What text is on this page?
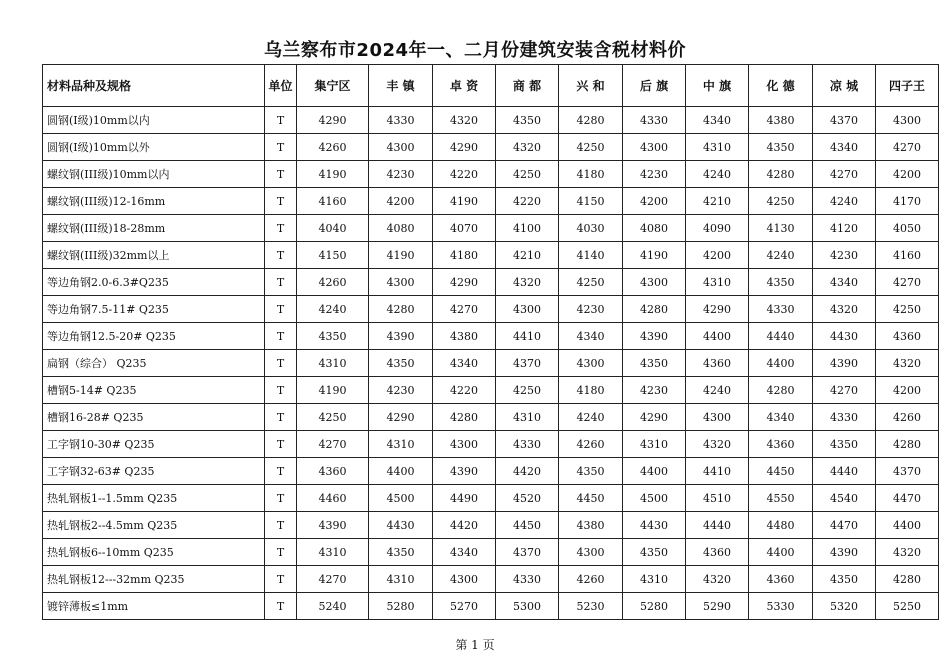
乌兰察布市2024年一、二月份建筑安装含税材料价
材料品种及规格	单位	集宁区	丰 镇	卓 资	商 都	兴 和	后 旗	中 旗	化 德	凉 城	四子王
圆钢(Ⅰ级)10mm以内	T	4290	4330	4320	4350	4280	4330	4340	4380	4370	4300
圆钢(Ⅰ级)10mm以外	T	4260	4300	4290	4320	4250	4300	4310	4350	4340	4270
螺纹钢(III级)10mm以内	T	4190	4230	4220	4250	4180	4230	4240	4280	4270	4200
螺纹钢(III级)12-16mm	T	4160	4200	4190	4220	4150	4200	4210	4250	4240	4170
螺纹钢(III级)18-28mm	T	4040	4080	4070	4100	4030	4080	4090	4130	4120	4050
螺纹钢(III级)32mm以上	T	4150	4190	4180	4210	4140	4190	4200	4240	4230	4160
等边角钢2.0-6.3#Q235	T	4260	4300	4290	4320	4250	4300	4310	4350	4340	4270
等边角钢7.5-11# Q235	T	4240	4280	4270	4300	4230	4280	4290	4330	4320	4250
等边角钢12.5-20# Q235	T	4350	4390	4380	4410	4340	4390	4400	4440	4430	4360
扁钢（综合） Q235	T	4310	4350	4340	4370	4300	4350	4360	4400	4390	4320
槽钢5-14# Q235	T	4190	4230	4220	4250	4180	4230	4240	4280	4270	4200
槽钢16-28# Q235	T	4250	4290	4280	4310	4240	4290	4300	4340	4330	4260
工字钢10-30# Q235	T	4270	4310	4300	4330	4260	4310	4320	4360	4350	4280
工字钢32-63# Q235	T	4360	4400	4390	4420	4350	4400	4410	4450	4440	4370
热轧钢板1--1.5mm Q235	T	4460	4500	4490	4520	4450	4500	4510	4550	4540	4470
热轧钢板2--4.5mm Q235	T	4390	4430	4420	4450	4380	4430	4440	4480	4470	4400
热轧钢板6--10mm Q235	T	4310	4350	4340	4370	4300	4350	4360	4400	4390	4320
热轧钢板12---32mm Q235	T	4270	4310	4300	4330	4260	4310	4320	4360	4350	4280
镀锌薄板≤1mm	T	5240	5280	5270	5300	5230	5280	5290	5330	5320	5250
第 1 页
